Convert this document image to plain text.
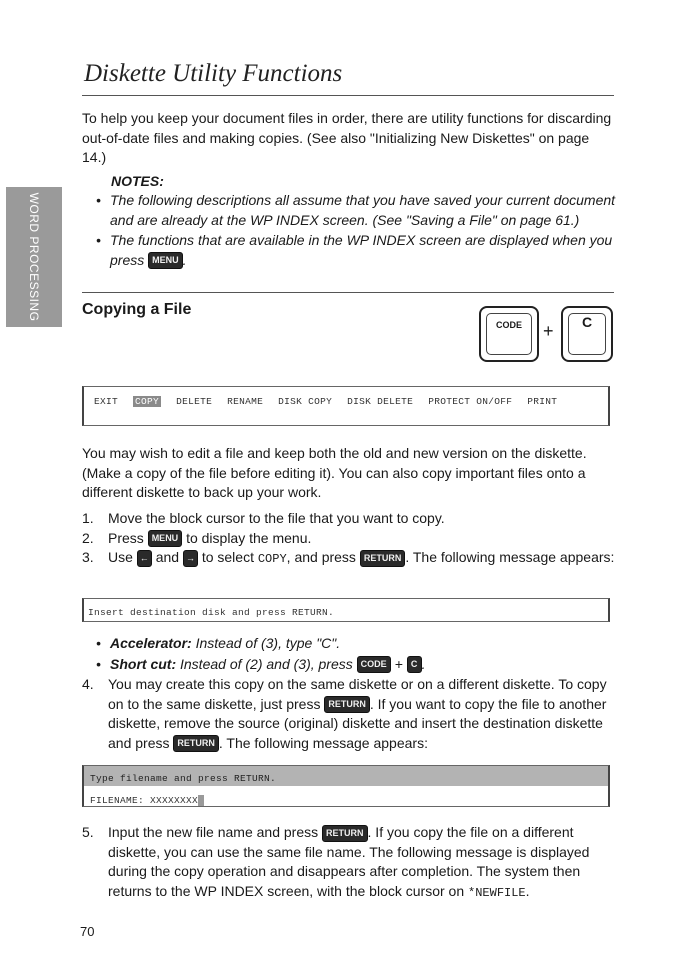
WORD PROCESSING
Diskette Utility Functions
To help you keep your document files in order, there are utility functions for discarding out-of-date files and making copies. (See also "Initializing New Diskettes" on page 14.)
NOTES:
• The following descriptions all assume that you have saved your current document and are already at the WP INDEX screen. (See "Saving a File" on page 61.)
• The functions that are available in the WP INDEX screen are displayed when you press MENU .
Copying a File
CODE	+	C
EXIT COPY DELETE RENAME DISK COPY DISK DELETE PROTECT ON/OFF PRINT
You may wish to edit a file and keep both the old and new version on the diskette. (Make a copy of the file before editing it). You can also copy important files onto a different diskette to back up your work.
1. Move the block cursor to the file that you want to copy.
2. Press MENU to display the menu.
3. Use ← and → to select COPY, and press RETURN . The following message appears:
Insert destination disk and press RETURN.
• Accelerator: Instead of (3), type "C".
• Short cut: Instead of (2) and (3), press CODE + C .
4. You may create this copy on the same diskette or on a different diskette. To copy on to the same diskette, just press RETURN . If you want to copy the file to another diskette, remove the source (original) diskette and insert the destination diskette and press RETURN . The following message appears:
Type filename and press RETURN.
FILENAME: XXXXXXXX
5. Input the new file name and press RETURN . If you copy the file on a different diskette, you can use the same file name. The following message is displayed during the copy operation and disappears after completion. The system then returns to the WP INDEX screen, with the block cursor on *NEWFILE.
70
